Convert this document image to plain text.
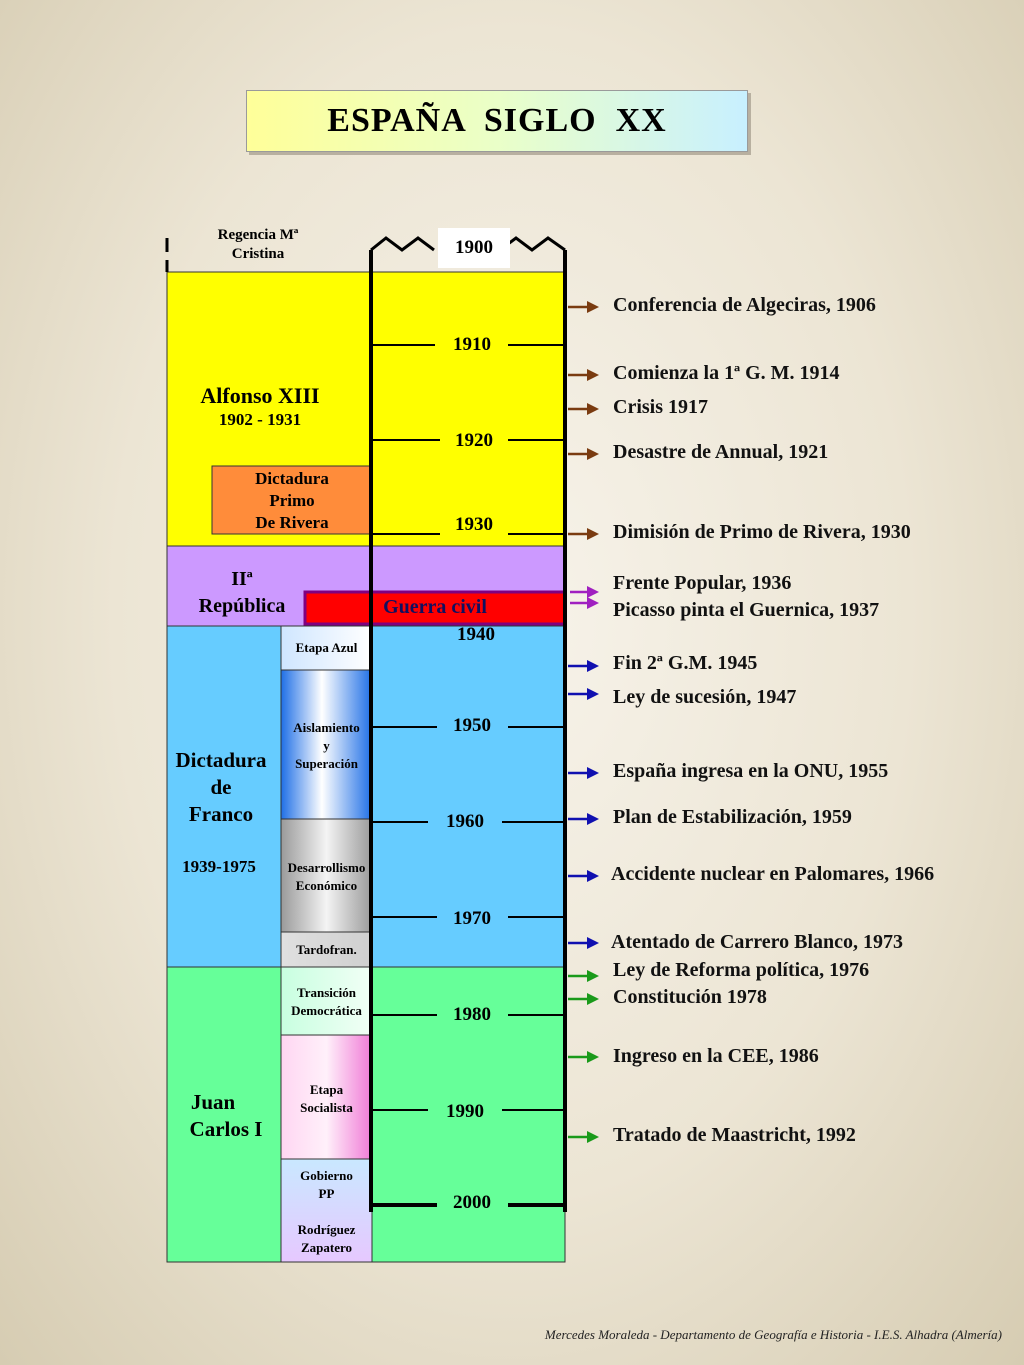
ESPAÑA  SIGLO  XX
Regencia Mª
Cristina
Alfonso XIII
1902 - 1931
Dictadura
Primo
De Rivera
IIª
República	Guerra civil
Dictadura
de
Franco
1939-1975
Juan
Carlos I
Etapa Azul
Aislamiento
y
Superación
Desarrollismo
Económico
Tardofran.
Transición
Democrática
Etapa
Socialista
Gobierno
PP
Rodríguez
Zapatero
1900
1910
1920
1930
1940
1950
1960
1970
1980
1990
2000
Conferencia de Algeciras, 1906
Comienza la 1ª G. M. 1914
Crisis 1917
Desastre de Annual, 1921
Dimisión de Primo de Rivera, 1930
Frente Popular, 1936
Picasso pinta el Guernica, 1937
Fin 2ª G.M. 1945
Ley de sucesión, 1947
España ingresa en la ONU, 1955
Plan de Estabilización, 1959
Accidente nuclear en Palomares, 1966
Atentado de Carrero Blanco, 1973
Ley de Reforma política, 1976
Constitución 1978
Ingreso en la CEE, 1986
Tratado de Maastricht, 1992
Mercedes Moraleda - Departamento de Geografía e Historia - I.E.S. Alhadra (Almería)
